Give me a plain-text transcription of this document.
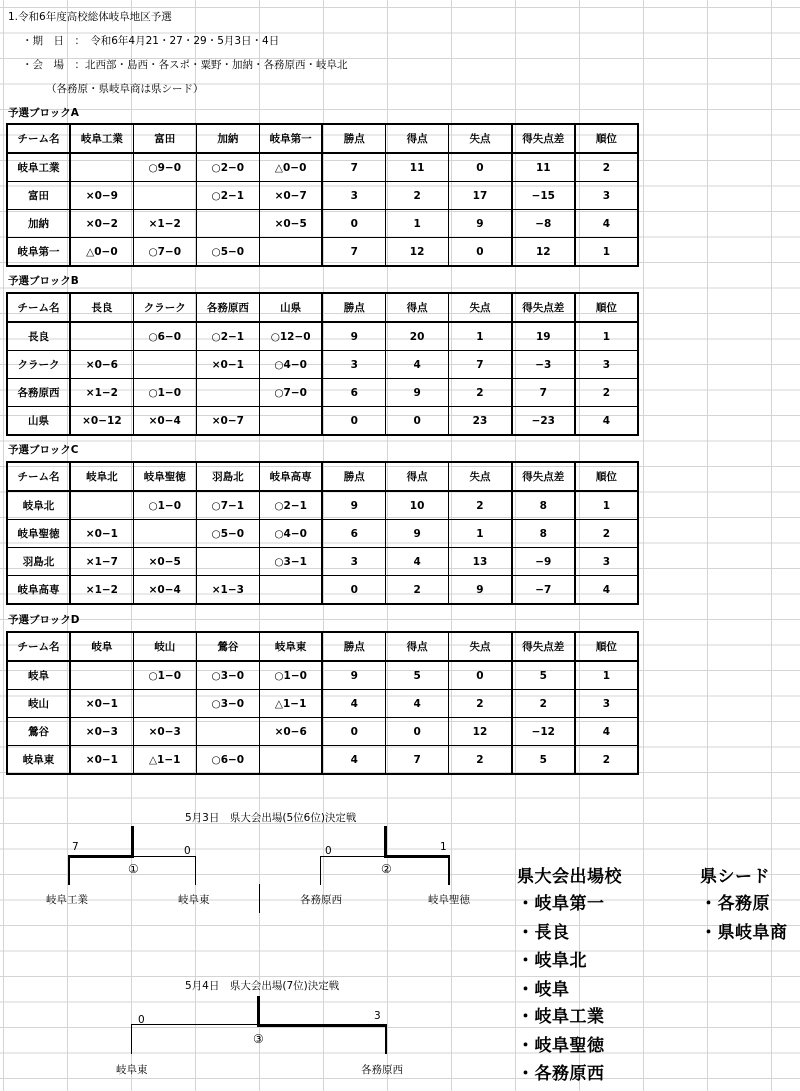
1.令和6年度高校総体岐阜地区予選
・期　日　：　令和6年4月21・27・29・5月3日・4日
・会　場　：北西部・島西・各スポ・粟野・加納・各務原西・岐阜北
（各務原・県岐阜商は県シード）
予選ブロックA
チーム名	岐阜工業	富田	加納	岐阜第一	勝点	得点	失点	得失点差	順位
岐阜工業		○9−0	○2−0	△0−0	7	11	0	11	2
富田	×0−9		○2−1	×0−7	3	2	17	−15	3
加納	×0−2	×1−2		×0−5	0	1	9	−8	4
岐阜第一	△0−0	○7−0	○5−0		7	12	0	12	1
予選ブロックB
チーム名	長良	クラーク	各務原西	山県	勝点	得点	失点	得失点差	順位
長良		○6−0	○2−1	○12−0	9	20	1	19	1
クラーク	×0−6		×0−1	○4−0	3	4	7	−3	3
各務原西	×1−2	○1−0		○7−0	6	9	2	7	2
山県	×0−12	×0−4	×0−7		0	0	23	−23	4
予選ブロックC
チーム名	岐阜北	岐阜聖徳	羽島北	岐阜高専	勝点	得点	失点	得失点差	順位
岐阜北		○1−0	○7−1	○2−1	9	10	2	8	1
岐阜聖徳	×0−1		○5−0	○4−0	6	9	1	8	2
羽島北	×1−7	×0−5		○3−1	3	4	13	−9	3
岐阜高専	×1−2	×0−4	×1−3		0	2	9	−7	4
予選ブロックD
チーム名	岐阜	岐山	鶯谷	岐阜東	勝点	得点	失点	得失点差	順位
岐阜		○1−0	○3−0	○1−0	9	5	0	5	1
岐山	×0−1		○3−0	△1−1	4	4	2	2	3
鶯谷	×0−3	×0−3		×0−6	0	0	12	−12	4
岐阜東	×0−1	△1−1	○6−0		4	7	2	5	2
5月3日　県大会出場(5位6位)決定戦
7	0
①
岐阜工業	岐阜東
0	1
②
各務原西	岐阜聖徳
5月4日　県大会出場(7位)決定戦
0	3
③
岐阜東	各務原西
県大会出場校
・岐阜第一
・長良
・岐阜北
・岐阜
・岐阜工業
・岐阜聖徳
・各務原西
県シード
・各務原
・県岐阜商
